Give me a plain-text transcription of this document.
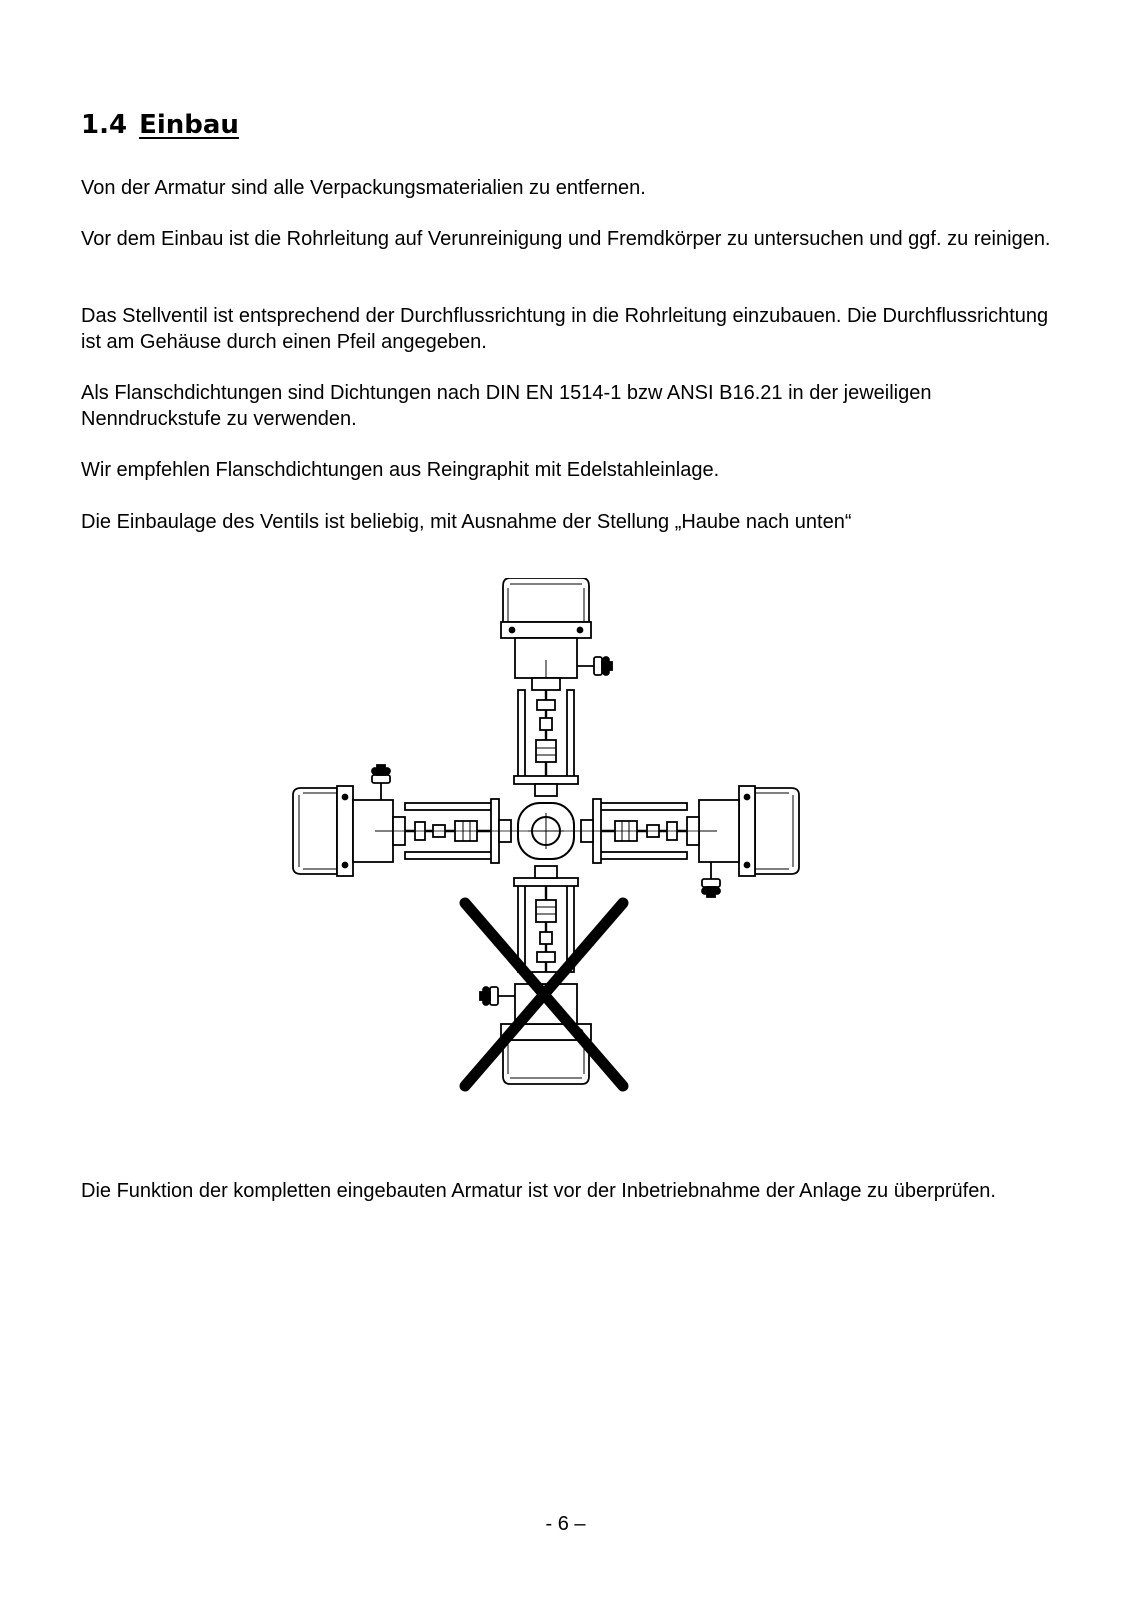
1.4 Einbau

Von der Armatur sind alle Verpackungsmaterialien zu entfernen.

Vor dem Einbau ist die Rohrleitung auf Verunreinigung und Fremdkörper zu untersuchen und ggf. zu reinigen.

Das Stellventil ist entsprechend der Durchflussrichtung in die Rohrleitung einzubauen. Die Durchflussrichtung ist am Gehäuse durch einen Pfeil angegeben.

Als Flanschdichtungen sind Dichtungen nach DIN EN 1514-1 bzw ANSI B16.21 in der jeweiligen Nenndruckstufe zu verwenden.

Wir empfehlen Flanschdichtungen aus Reingraphit mit Edelstahleinlage.

Die Einbaulage des Ventils ist beliebig, mit Ausnahme der Stellung „Haube nach unten“

Die Funktion der kompletten eingebauten Armatur ist vor der Inbetriebnahme der Anlage zu überprüfen.

- 6 –
